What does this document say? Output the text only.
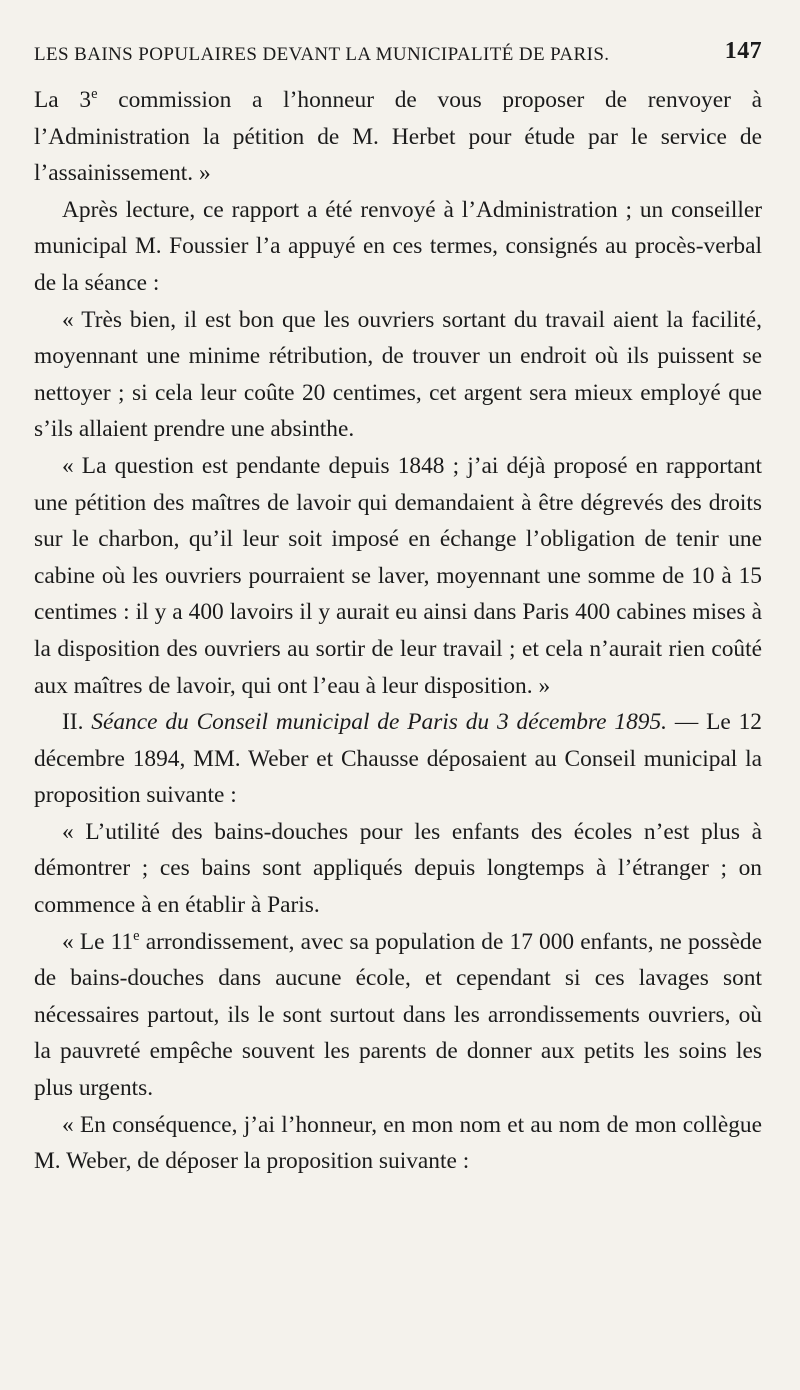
LES BAINS POPULAIRES DEVANT LA MUNICIPALITÉ DE PARIS.	147

La 3e commission a l’honneur de vous proposer de renvoyer à l’Administration la pétition de M. Herbet pour étude par le service de l’assainissement. »

Après lecture, ce rapport a été renvoyé à l’Administration ; un conseiller municipal M. Foussier l’a appuyé en ces termes, consignés au procès-verbal de la séance :

« Très bien, il est bon que les ouvriers sortant du travail aient la facilité, moyennant une minime rétribution, de trouver un endroit où ils puissent se nettoyer ; si cela leur coûte 20 centimes, cet argent sera mieux employé que s’ils allaient prendre une absinthe.

« La question est pendante depuis 1848 ; j’ai déjà proposé en rapportant une pétition des maîtres de lavoir qui demandaient à être dégrevés des droits sur le charbon, qu’il leur soit imposé en échange l’obligation de tenir une cabine où les ouvriers pourraient se laver, moyennant une somme de 10 à 15 centimes : il y a 400 lavoirs il y aurait eu ainsi dans Paris 400 cabines mises à la disposition des ouvriers au sortir de leur travail ; et cela n’aurait rien coûté aux maîtres de lavoir, qui ont l’eau à leur disposition. »

II. Séance du Conseil municipal de Paris du 3 décembre 1895. — Le 12 décembre 1894, MM. Weber et Chausse déposaient au Conseil municipal la proposition suivante :

« L’utilité des bains-douches pour les enfants des écoles n’est plus à démontrer ; ces bains sont appliqués depuis longtemps à l’étranger ; on commence à en établir à Paris.

« Le 11e arrondissement, avec sa population de 17 000 enfants, ne possède de bains-douches dans aucune école, et cependant si ces lavages sont nécessaires partout, ils le sont surtout dans les arrondissements ouvriers, où la pauvreté empêche souvent les parents de donner aux petits les soins les plus urgents.

« En conséquence, j’ai l’honneur, en mon nom et au nom de mon collègue M. Weber, de déposer la proposition suivante :
